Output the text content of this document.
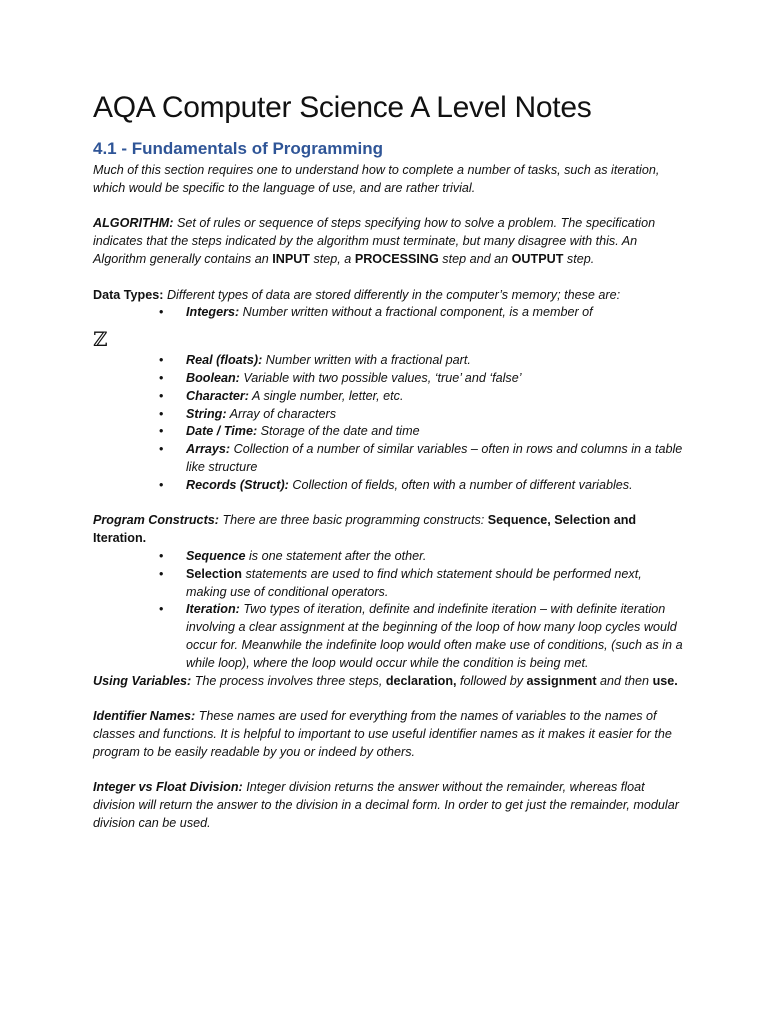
AQA Computer Science A Level Notes
4.1 - Fundamentals of Programming

Much of this section requires one to understand how to complete a number of tasks, such as iteration, which would be specific to the language of use, and are rather trivial.

ALGORITHM: Set of rules or sequence of steps specifying how to solve a problem. The specification indicates that the steps indicated by the algorithm must terminate, but many disagree with this. An Algorithm generally contains an INPUT step, a PROCESSING step and an OUTPUT step.

Data Types: Different types of data are stored differently in the computer’s memory; these are:

• Integers: Number written without a fractional component, is a member of
ℤ
• Real (floats): Number written with a fractional part.
• Boolean: Variable with two possible values, ‘true’ and ‘false’
• Character: A single number, letter, etc.
• String: Array of characters
• Date / Time: Storage of the date and time
• Arrays: Collection of a number of similar variables – often in rows and columns in a table like structure
• Records (Struct): Collection of fields, often with a number of different variables.

Program Constructs: There are three basic programming constructs: Sequence, Selection and Iteration.

• Sequence is one statement after the other.
• Selection statements are used to find which statement should be performed next, making use of conditional operators.
• Iteration: Two types of iteration, definite and indefinite iteration – with definite iteration involving a clear assignment at the beginning of the loop of how many loop cycles would occur for. Meanwhile the indefinite loop would often make use of conditions, (such as in a while loop), where the loop would occur while the condition is being met.

Using Variables: The process involves three steps, declaration, followed by assignment and then use.

Identifier Names: These names are used for everything from the names of variables to the names of classes and functions. It is helpful to important to use useful identifier names as it makes it easier for the program to be easily readable by you or indeed by others.

Integer vs Float Division: Integer division returns the answer without the remainder, whereas float division will return the answer to the division in a decimal form. In order to get just the remainder, modular division can be used.
